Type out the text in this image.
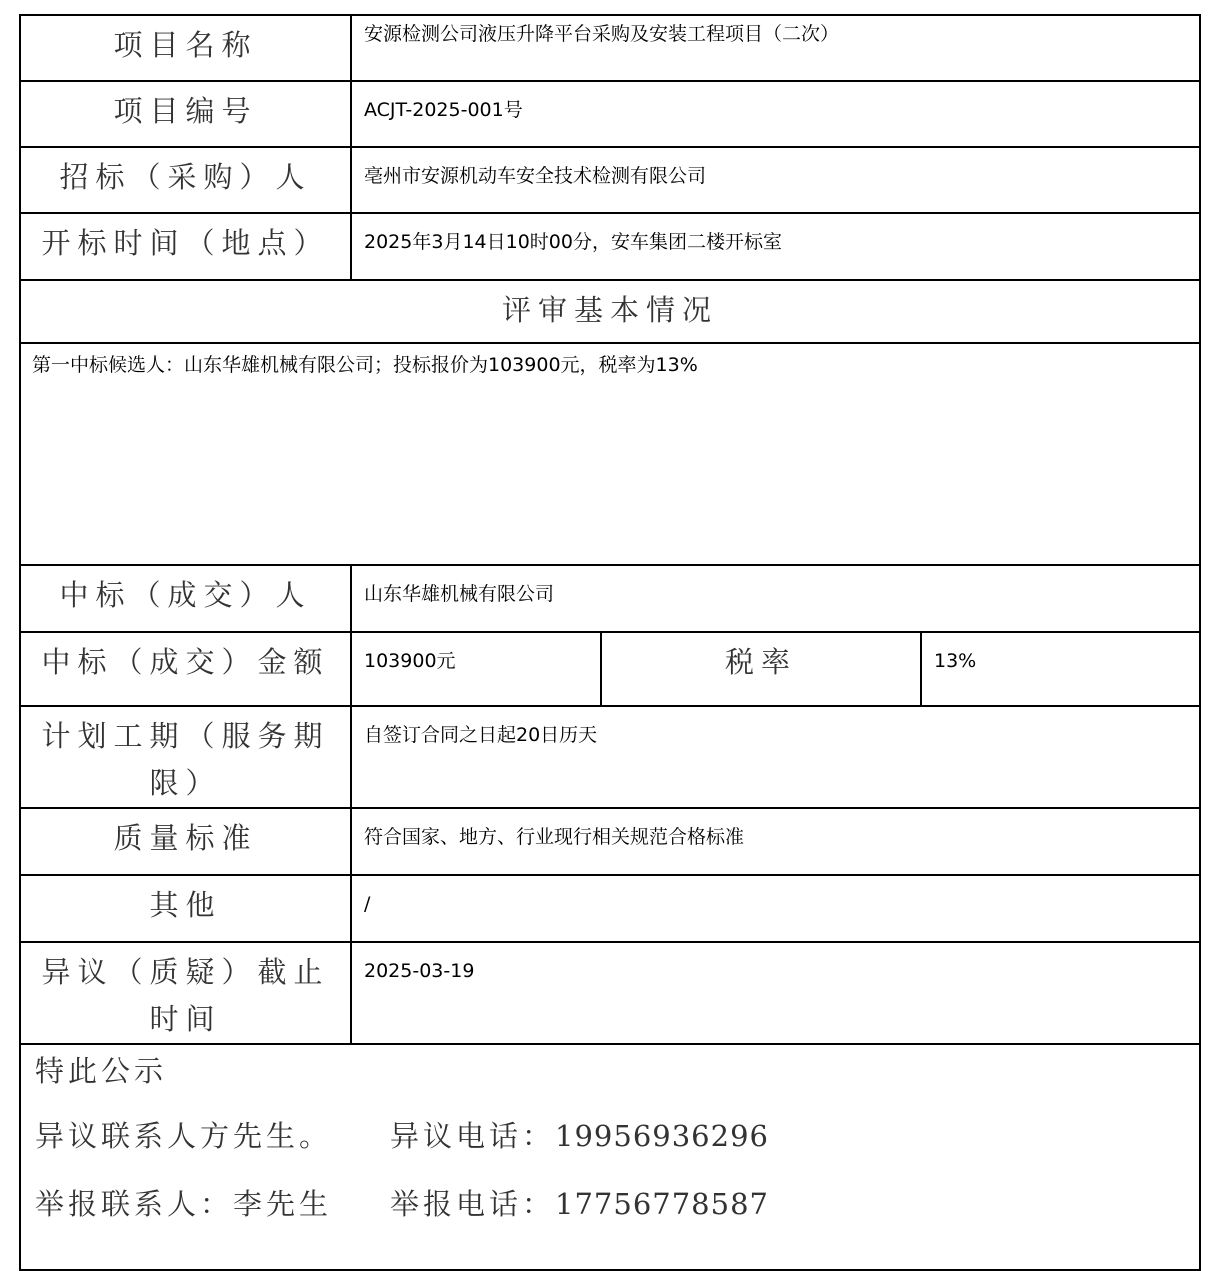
项目名称	安源检测公司液压升降平台采购及安装工程项目（二次）		
项目编号	ACJT-2025-001号		
招标（采购）人	亳州市安源机动车安全技术检测有限公司		
开标时间（地点）	2025年3月14日10时00分，安车集团二楼开标室		
评审基本情况			
第一中标候选人：山东华雄机械有限公司；投标报价为103900元，税率为13%			
中标（成交）人	山东华雄机械有限公司		
中标（成交）金额	103900元	税率	13%
计划工期（服务期限）	自签订合同之日起20日历天		
质量标准	符合国家、地方、行业现行相关规范合格标准		
其他	/		
异议（质疑）截止时间	2025-03-19		

特此公示
异议联系人方先生。 异议电话：19956936296
举报联系人：李先生 举报电话：17756778587			
